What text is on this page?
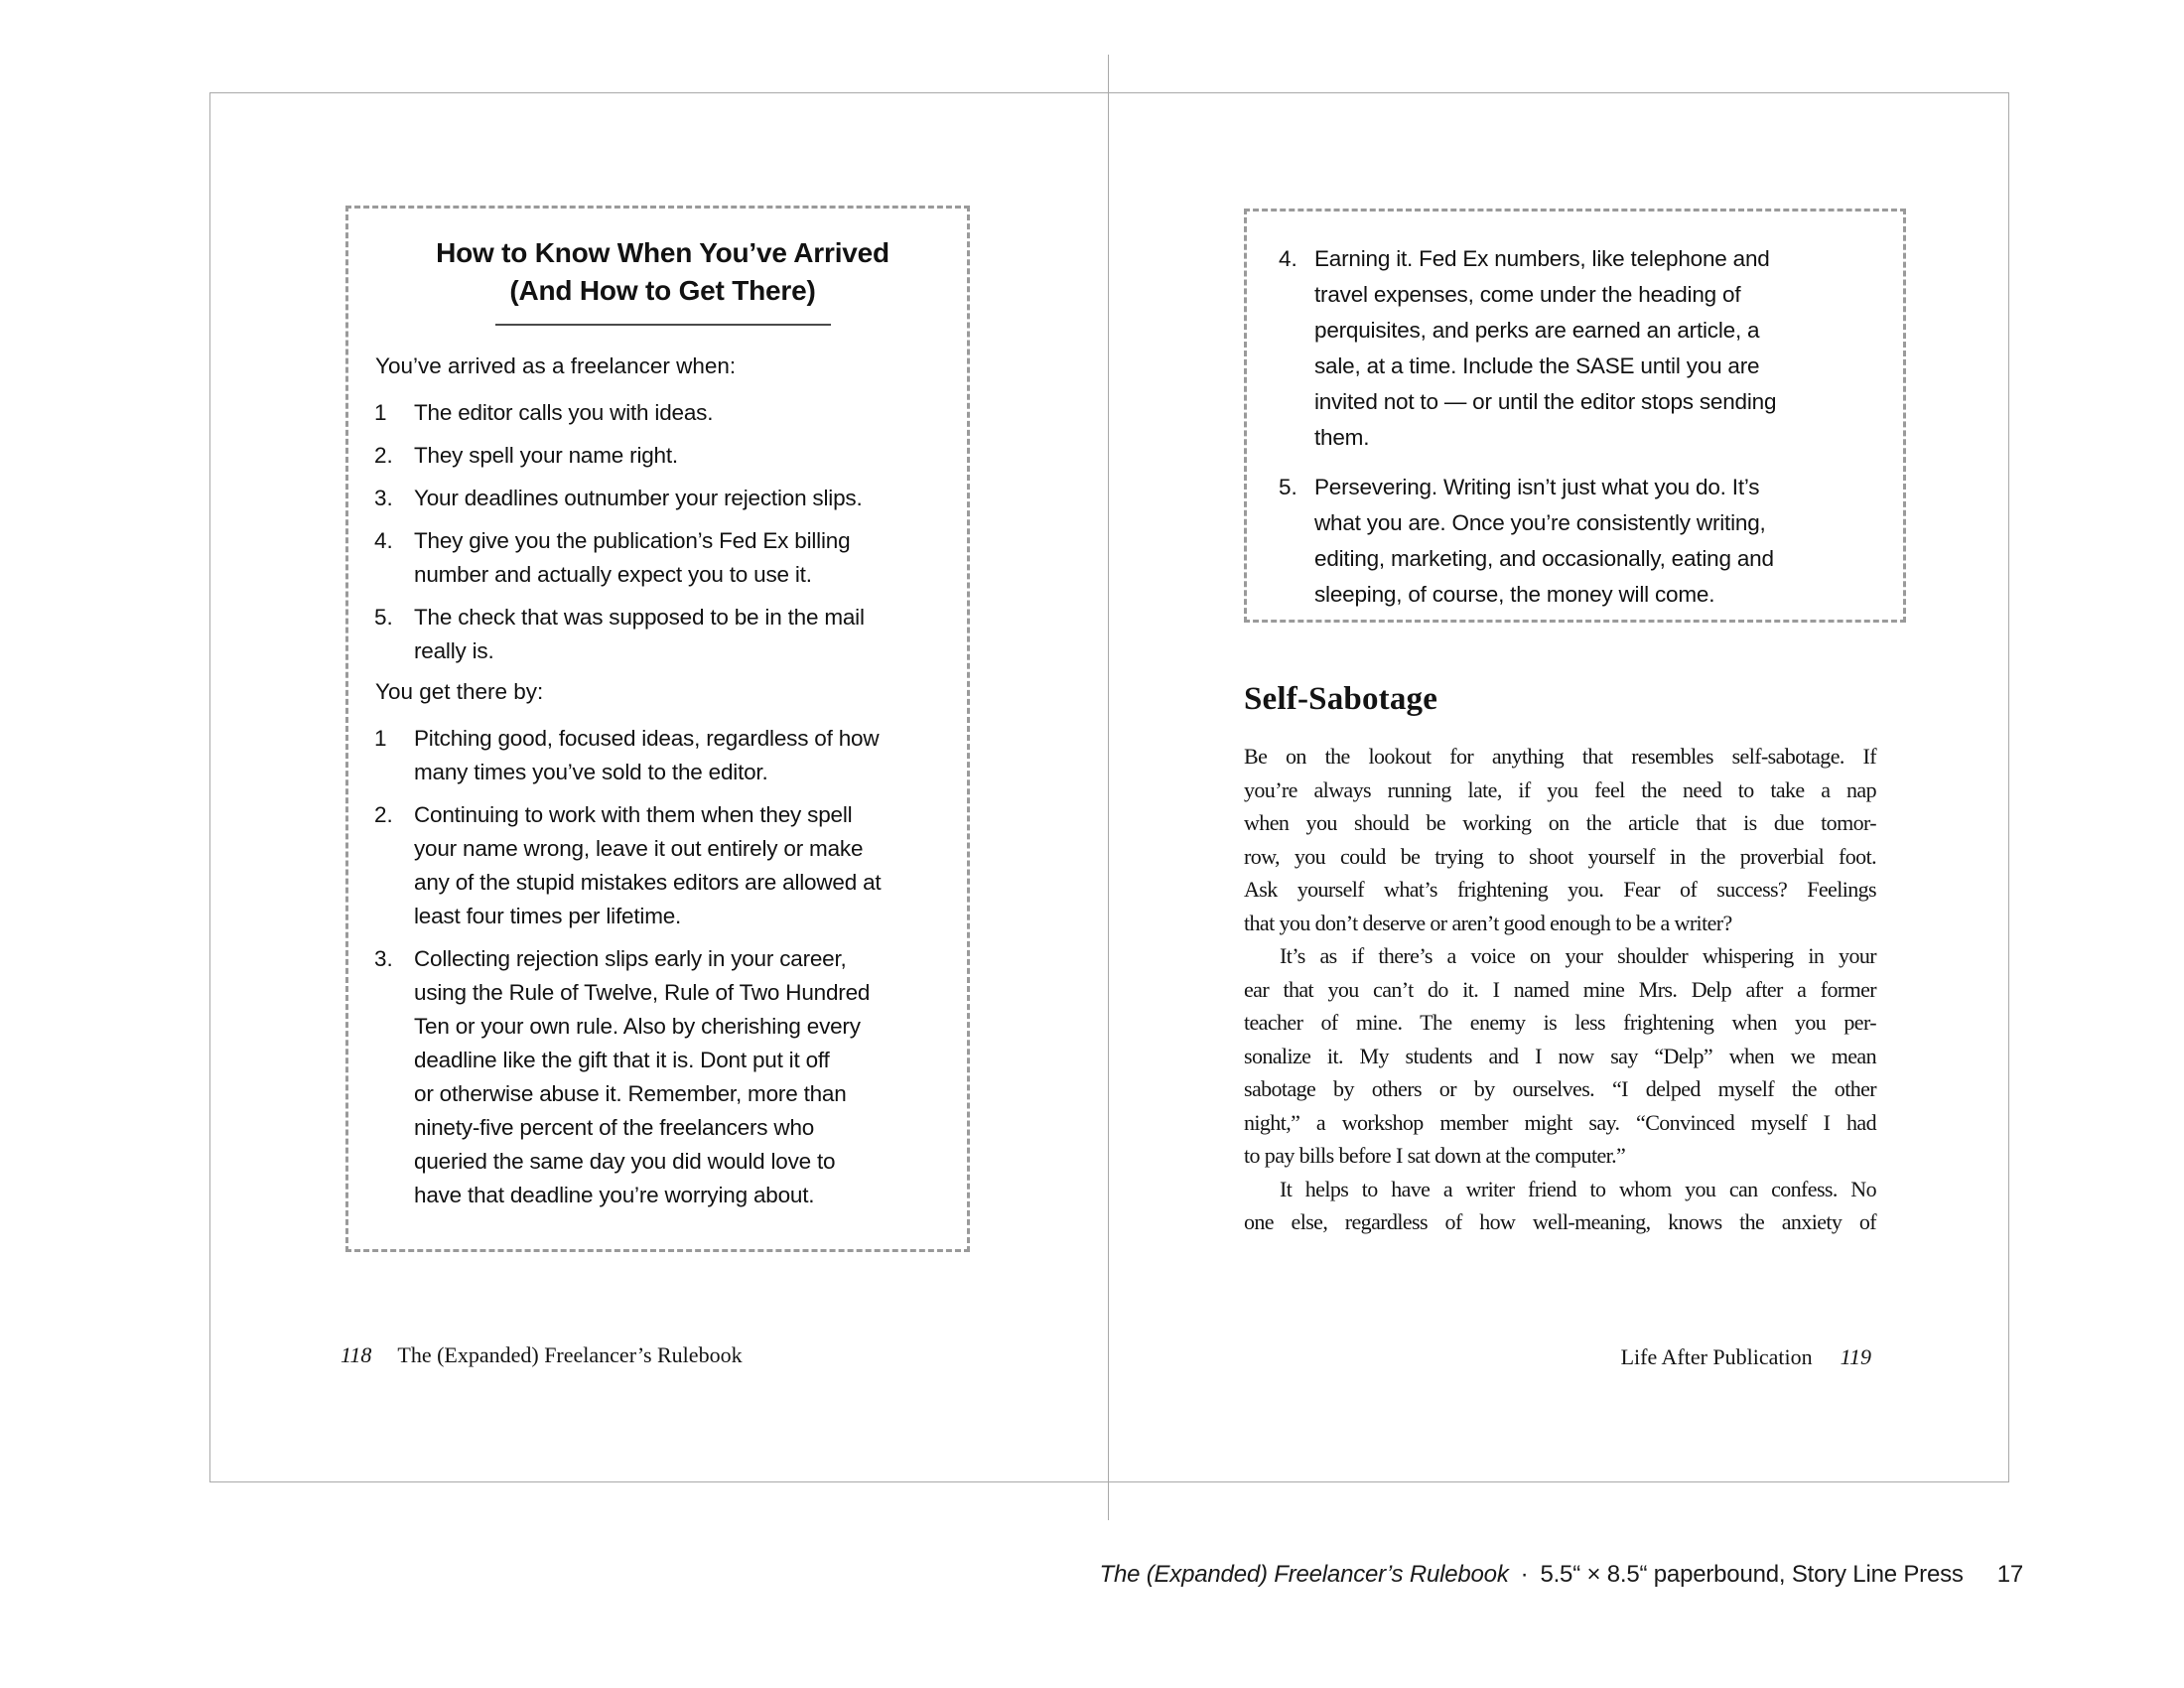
How to Know When You’ve Arrived
(And How to Get There)
You’ve arrived as a freelancer when:
1	The editor calls you with ideas.
2. They spell your name right.
3. Your deadlines outnumber your rejection slips.
4. They give you the publication’s Fed Ex billing
number and actually expect you to use it.
5. The check that was supposed to be in the mail
really is.
You get there by:
1	Pitching good, focused ideas, regardless of how
many times you’ve sold to the editor.
2. Continuing to work with them when they spell
your name wrong, leave it out entirely or make
any of the stupid mistakes editors are allowed at
least four times per lifetime.
3. Collecting rejection slips early in your career,
using the Rule of Twelve, Rule of Two Hundred
Ten or your own rule. Also by cherishing every
deadline like the gift that it is. Dont put it off
or otherwise abuse it. Remember, more than
ninety-five percent of the freelancers who
queried the same day you did would love to
have that deadline you’re worrying about.
118 The (Expanded) Freelancer’s Rulebook
4. Earning it. Fed Ex numbers, like telephone and
travel expenses, come under the heading of
perquisites, and perks are earned an article, a
sale, at a time. Include the SASE until you are
invited not to — or until the editor stops sending
them.
5. Persevering. Writing isn’t just what you do. It’s
what you are. Once you’re consistently writing,
editing, marketing, and occasionally, eating and
sleeping, of course, the money will come.
Self-Sabotage
Be on the lookout for anything that resembles self-sabotage. If
you’re always running late, if you feel the need to take a nap
when you should be working on the article that is due tomor-
row, you could be trying to shoot yourself in the proverbial foot.
Ask yourself what’s frightening you. Fear of success? Feelings
that you don’t deserve or aren’t good enough to be a writer?
It’s as if there’s a voice on your shoulder whispering in your
ear that you can’t do it. I named mine Mrs. Delp after a former
teacher of mine. The enemy is less frightening when you per-
sonalize it. My students and I now say “Delp” when we mean
sabotage by others or by ourselves. “I delped myself the other
night,” a workshop member might say. “Convinced myself I had
to pay bills before I sat down at the computer.”
It helps to have a writer friend to whom you can confess. No
one else, regardless of how well-meaning, knows the anxiety of
Life After Publication 119
The (Expanded) Freelancer’s Rulebook · 5.5“ × 8.5“ paperbound, Story Line Press 17
